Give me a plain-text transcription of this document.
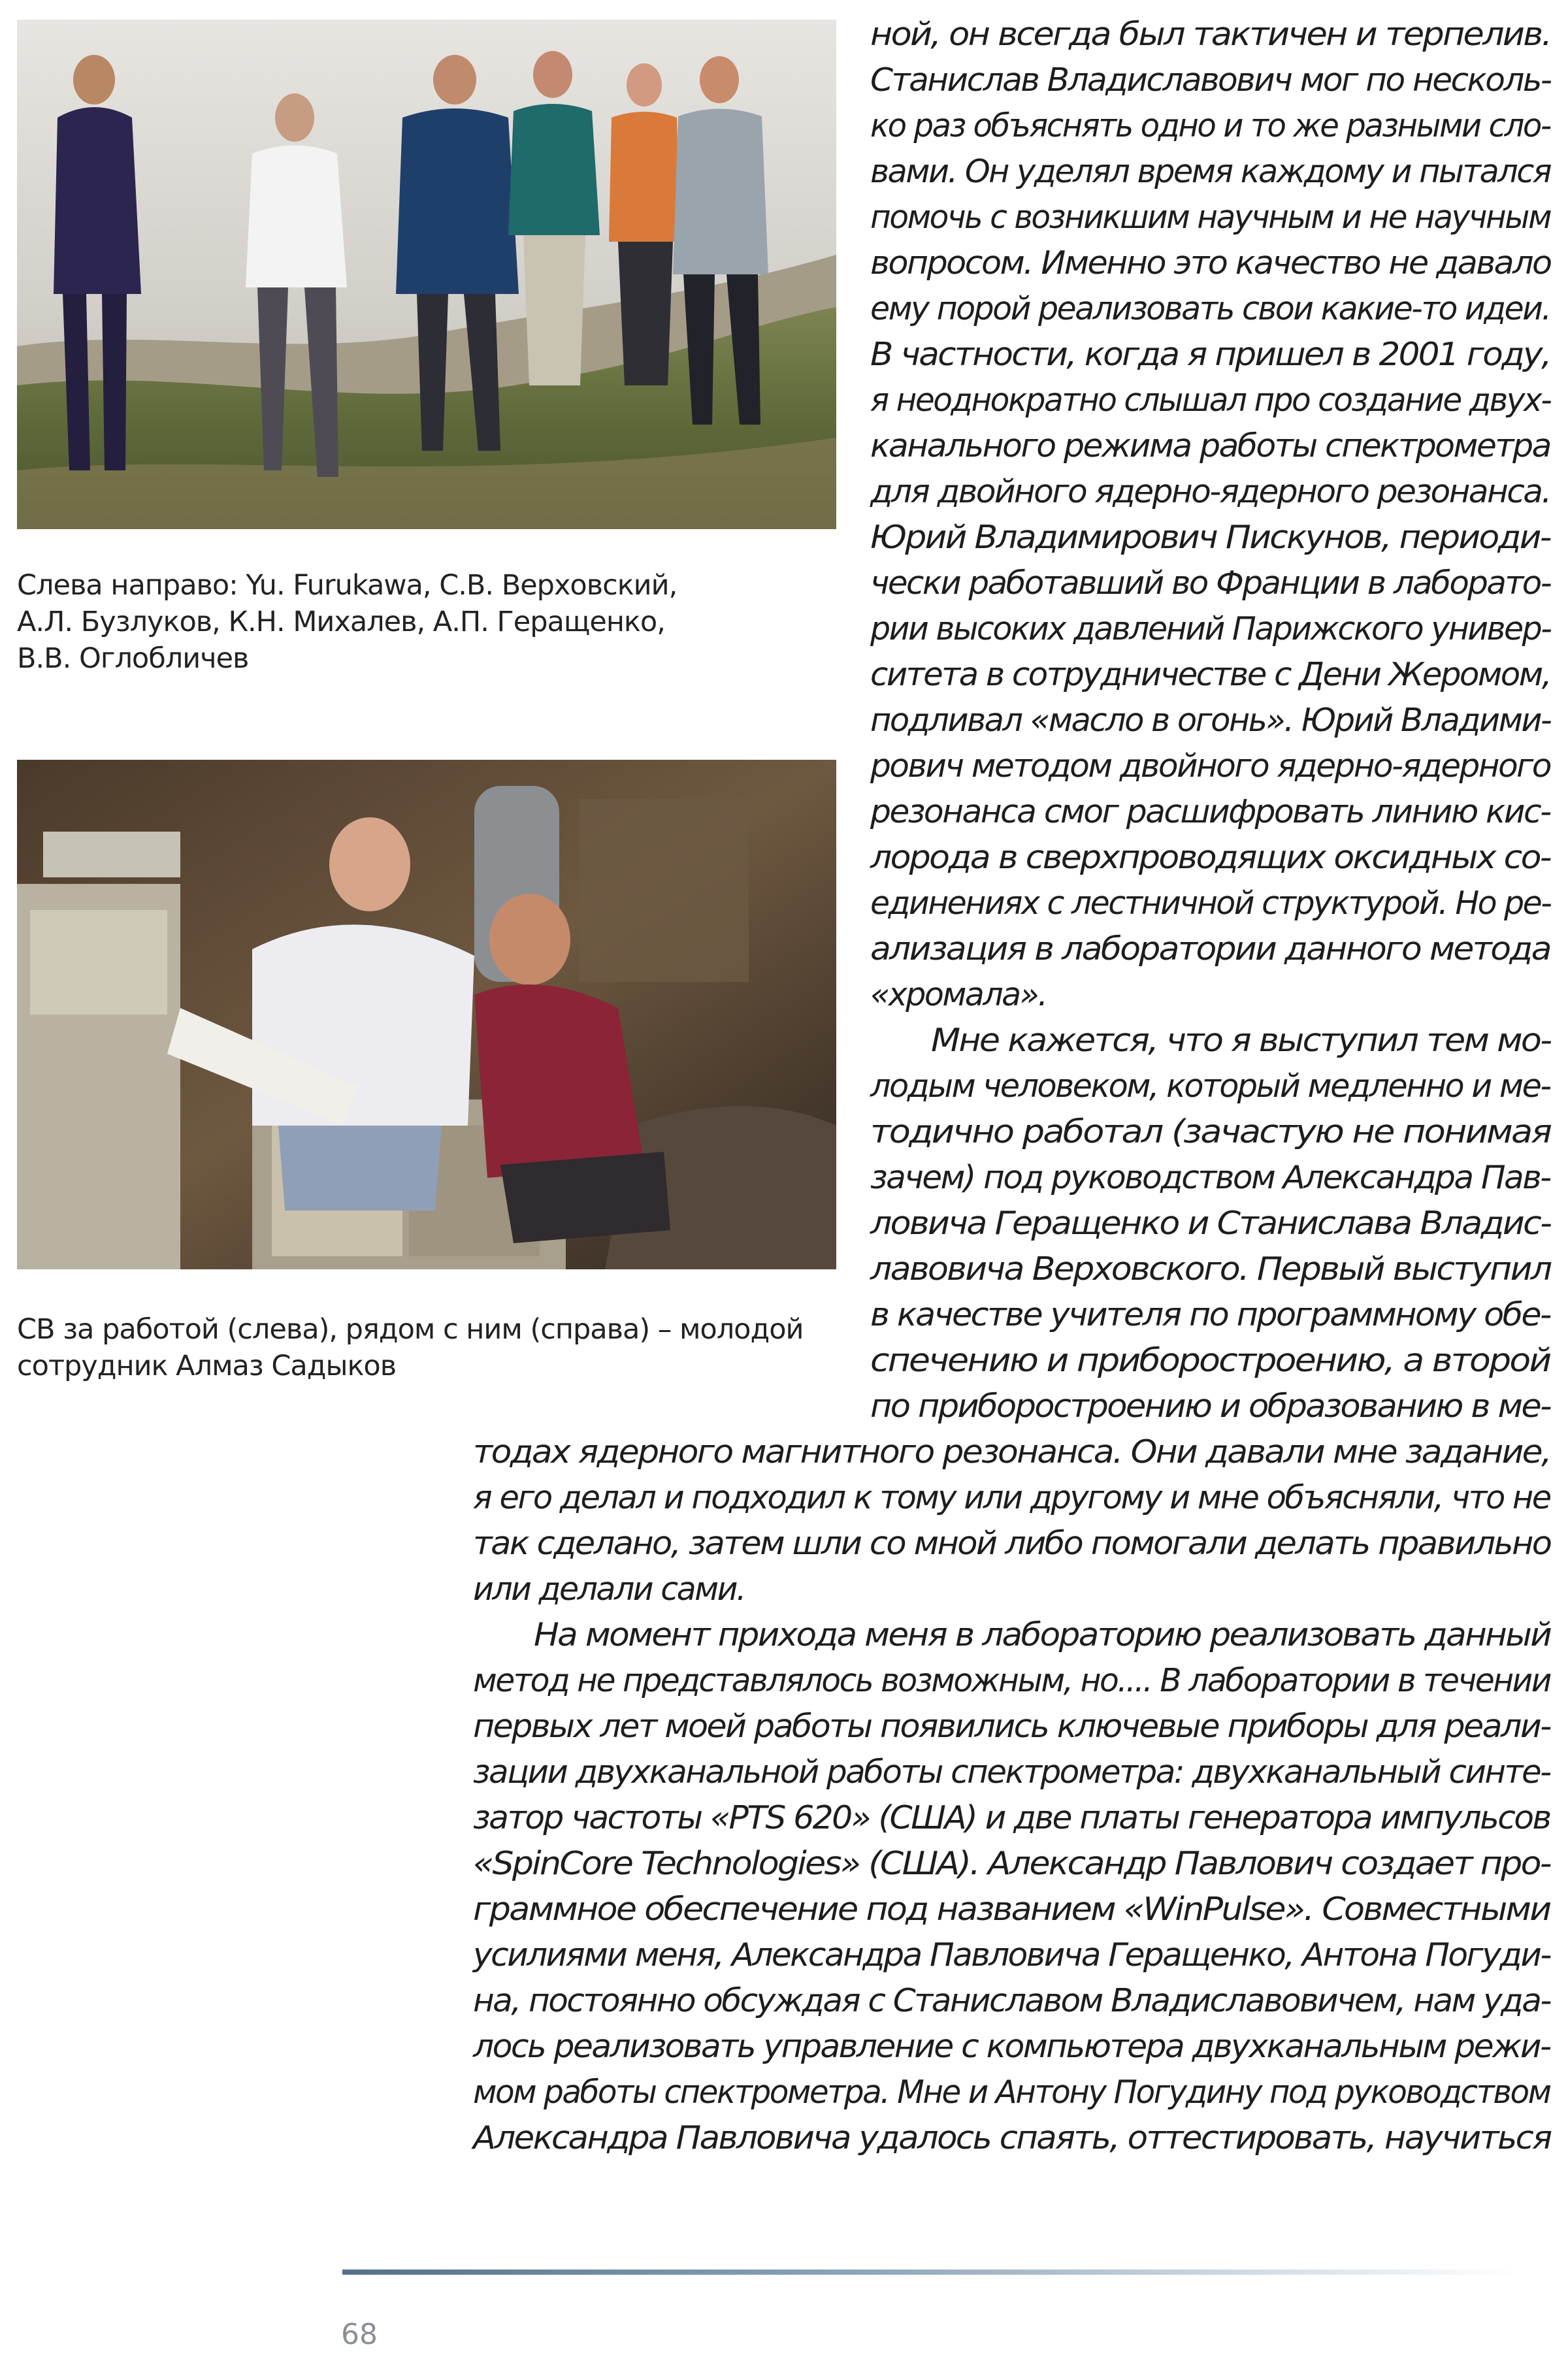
Слева направо: Yu. Furukawa, С.В. Верховский,
А.Л. Бузлуков, К.Н. Михалев, А.П. Геращенко,
В.В. Оглобличев
СВ за работой (слева), рядом с ним (справа) – молодой
сотрудник Алмаз Садыков
ной, он всегда был тактичен и терпелив.
Станислав Владиславович мог по несколь-
ко раз объяснять одно и то же разными сло-
вами. Он уделял время каждому и пытался
помочь с возникшим научным и не научным
вопросом. Именно это качество не давало
ему порой реализовать свои какие-то идеи.
В частности, когда я пришел в 2001 году,
я неоднократно слышал про создание двух-
канального режима работы спектрометра
для двойного ядерно-ядерного резонанса.
Юрий Владимирович Пискунов, периоди-
чески работавший во Франции в лаборато-
рии высоких давлений Парижского универ-
ситета в сотрудничестве с Дени Жеромом,
подливал «масло в огонь». Юрий Владими-
рович методом двойного ядерно-ядерного
резонанса смог расшифровать линию кис-
лорода в сверхпроводящих оксидных со-
единениях с лестничной структурой. Но ре-
ализация в лаборатории данного метода
«хромала».
Мне кажется, что я выступил тем мо-
лодым человеком, который медленно и ме-
тодично работал (зачастую не понимая
зачем) под руководством Александра Пав-
ловича Геращенко и Станислава Владис-
лавовича Верховского. Первый выступил
в качестве учителя по программному обе-
спечению и приборостроению, а второй
по приборостроению и образованию в ме-
тодах ядерного магнитного резонанса. Они давали мне задание,
я его делал и подходил к тому или другому и мне объясняли, что не
так сделано, затем шли со мной либо помогали делать правильно
или делали сами.
На момент прихода меня в лабораторию реализовать данный
метод не представлялось возможным, но.... В лаборатории в течении
первых лет моей работы появились ключевые приборы для реали-
зации двухканальной работы спектрометра: двухканальный синте-
затор частоты «PTS 620» (США) и две платы генератора импульсов
«SpinCore Technologies» (США). Александр Павлович создает про-
граммное обеспечение под названием «WinPulse». Совместными
усилиями меня, Александра Павловича Геращенко, Антона Погуди-
на, постоянно обсуждая с Станиславом Владиславовичем, нам уда-
лось реализовать управление с компьютера двухканальным режи-
мом работы спектрометра. Мне и Антону Погудину под руководством
Александра Павловича удалось спаять, оттестировать, научиться
68
